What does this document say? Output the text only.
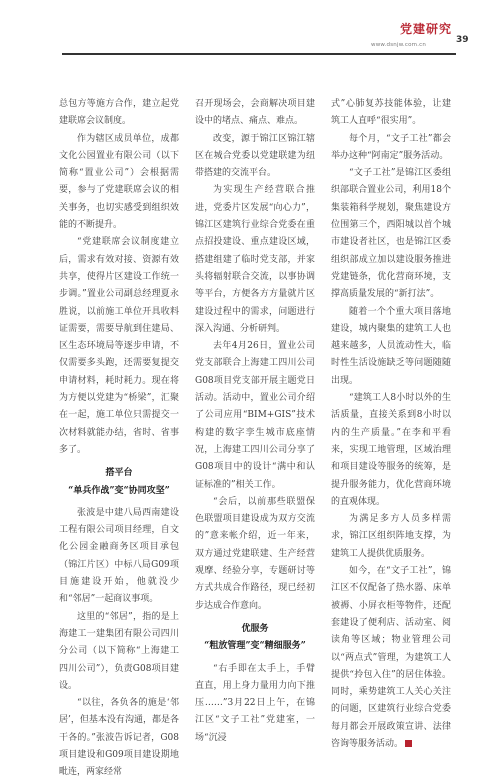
党建研究
www.dsnjw.com.cn	39

总包方等施方合作，建立起党建联席会议制度。

作为辖区成员单位，成都文化公园置业有限公司（以下简称“置业公司”）会根据需要，参与了党建联席会议的相关事务，也切实感受到组织效能的不断提升。

“党建联席会议制度建立后，需求有效对接、资源有效共享，使得片区建设工作统一步调。”置业公司副总经理夏永胜说，以前施工单位开具收料证需要，需要导航到住建局、区生态环境局等逐步申请，不仅需要多头跑，还需要复提交申请材料，耗时耗力。现在将为方便以党建为“桥梁”，汇聚在一起，施工单位只需提交一次材料就能办结，省时、省事多了。

搭平台
“单兵作战”变“协同攻坚”

张波是中建八局西南建设工程有限公司项目经理，自文化公园金融商务区项目承包（锦江片区）中标八局G09项目施建设开始，他就没少和“邻居”一起商议事项。

这里的“邻居”，指的是上海建工一建集团有限公司四川分公司（以下简称“上海建工四川公司”），负责G08项目建设。

“以往，各负各的施是‘邻居’，但基本没有沟通，都是各干各的。”张波告诉记者，G08项目建设和G09项目建设期地毗连，两家经常

召开现场会，会商解决项目建设中的堵点、痛点、难点。

改变，源于锦江区锦江辖区在城合党委以党建联建为纽带搭建的交流平台。

为实现生产经营联合推进，党委片区发展“向心力”，锦江区建筑行业综合党委在重点招投建设、重点建设区域，搭建组建了临时党支部，并家头将辐射联合交流，以事协调等平台，方便各方方量就片区建设过程中的需求，问题进行深入沟通、分析研判。

去年4月26日，置业公司党支部联合上海建工四川公司G08项目党支部开展主题党日活动。活动中，置业公司介绍了公司应用“BIM+GIS”技术构建的数字孪生城市底座情况，上海建工四川公司分享了G08项目中的设计“满中和认证标准的”相关工作。

“会后，以前那些联盟保色联盟项目建设成为双方交流的”意来帐介绍，近一年来，双方通过党建联建、生产经营观摩、经验分享，专题研讨等方式共成合作路径，现已经初步达成合作意向。

优服务
“粗放管理”变“精细服务”

“右手即在太手上，手臂直直，用上身力量用力向下推压……”3月22日上午，在锦江区“文子工社”党建室，一场“沉浸

式”心肺复苏技能体验，让建筑工人直呼“很实用”。

每个月，“文子工社”都会举办这种“阿南定”服务活动。

“文子工社”是锦江区委组织部联合置业公司，利用18个集装箱科学规划，聚焦建设方位围第三个，西阳城以首个城市建设者社区，也是锦江区委组织部成立加以建设服务推进党建链条，优化营商环境，支撑高质量发展的“新打法”。

随着一个个重大项目落地建设，城内聚集的建筑工人也越来越多，人员流动性大，临时性生活设施缺乏等问题随随出现。

“建筑工人8小时以外的生活质量，直接关系到8小时以内的生产质量。”在李和平看来，实现工地管理，区域治理和项目建设等服务的统筹，是提升服务能力，优化营商环境的直观体现。

为满足多方人员多样需求，锦江区组织阵地支撑，为建筑工人提供优质服务。

如今，在“文子工社”，锦江区不仅配备了热水器、床单被褥、小屏衣柜等物件，还配套建设了便利店、活动室、阅读角等区域；物业管理公司以“两点式”管理，为建筑工人提供“拎包入住”的居住体验。同时，乘势建筑工人关心关注的问题，区建筑行业综合党委每月都会开展政策宣讲、法律咨询等服务活动。
